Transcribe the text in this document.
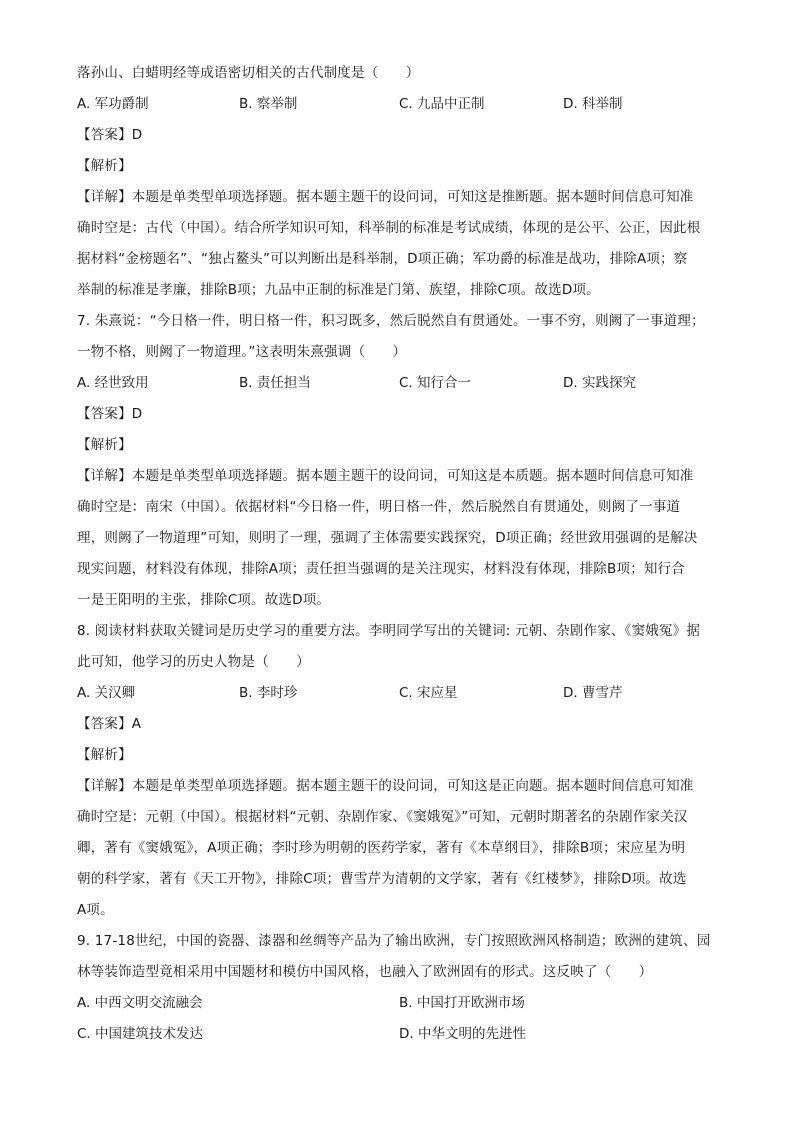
落孙山、白蜡明经等成语密切相关的古代制度是（　　）
A. 军功爵制	B. 察举制	C. 九品中正制	D. 科举制
【答案】D
【解析】
【详解】本题是单类型单项选择题。据本题主题干的设问词，可知这是推断题。据本题时间信息可知准
确时空是：古代（中国）。结合所学知识可知，科举制的标准是考试成绩，体现的是公平、公正，因此根
据材料“金榜题名”、“独占鳌头”可以判断出是科举制，D项正确；军功爵的标准是战功，排除A项；察
举制的标准是孝廉，排除B项；九品中正制的标准是门第、族望，排除C项。故选D项。
7. 朱熹说：“今日格一件，明日格一件，积习既多，然后脱然自有贯通处。一事不穷，则阙了一事道理；
一物不格，则阙了一物道理。”这表明朱熹强调（　　）
A. 经世致用	B. 责任担当	C. 知行合一	D. 实践探究
【答案】D
【解析】
【详解】本题是单类型单项选择题。据本题主题干的设问词，可知这是本质题。据本题时间信息可知准
确时空是：南宋（中国）。依据材料“今日格一件，明日格一件，然后脱然自有贯通处，则阙了一事道
理，则阙了一物道理”可知，则明了一理，强调了主体需要实践探究，D项正确；经世致用强调的是解决
现实问题，材料没有体现，排除A项；责任担当强调的是关注现实，材料没有体现，排除B项；知行合
一是王阳明的主张，排除C项。故选D项。
8. 阅读材料获取关键词是历史学习的重要方法。李明同学写出的关键词: 元朝、杂剧作家、《窦娥冤》据
此可知，他学习的历史人物是（　　）
A. 关汉卿	B. 李时珍	C. 宋应星	D. 曹雪芹
【答案】A
【解析】
【详解】本题是单类型单项选择题。据本题主题干的设问词，可知这是正向题。据本题时间信息可知准
确时空是：元朝（中国）。根据材料“元朝、杂剧作家、《窦娥冤》”可知，元朝时期著名的杂剧作家关汉
卿，著有《窦娥冤》，A项正确；李时珍为明朝的医药学家，著有《本草纲目》，排除B项；宋应星为明
朝的科学家，著有《天工开物》，排除C项；曹雪芹为清朝的文学家，著有《红楼梦》，排除D项。故选
A项。
9. 17-18世纪，中国的瓷器、漆器和丝绸等产品为了输出欧洲，专门按照欧洲风格制造；欧洲的建筑、园
林等装饰造型竟相采用中国题材和模仿中国风格，也融入了欧洲固有的形式。这反映了（　　）
A. 中西文明交流融会	B. 中国打开欧洲市场
C. 中国建筑技术发达	D. 中华文明的先进性
